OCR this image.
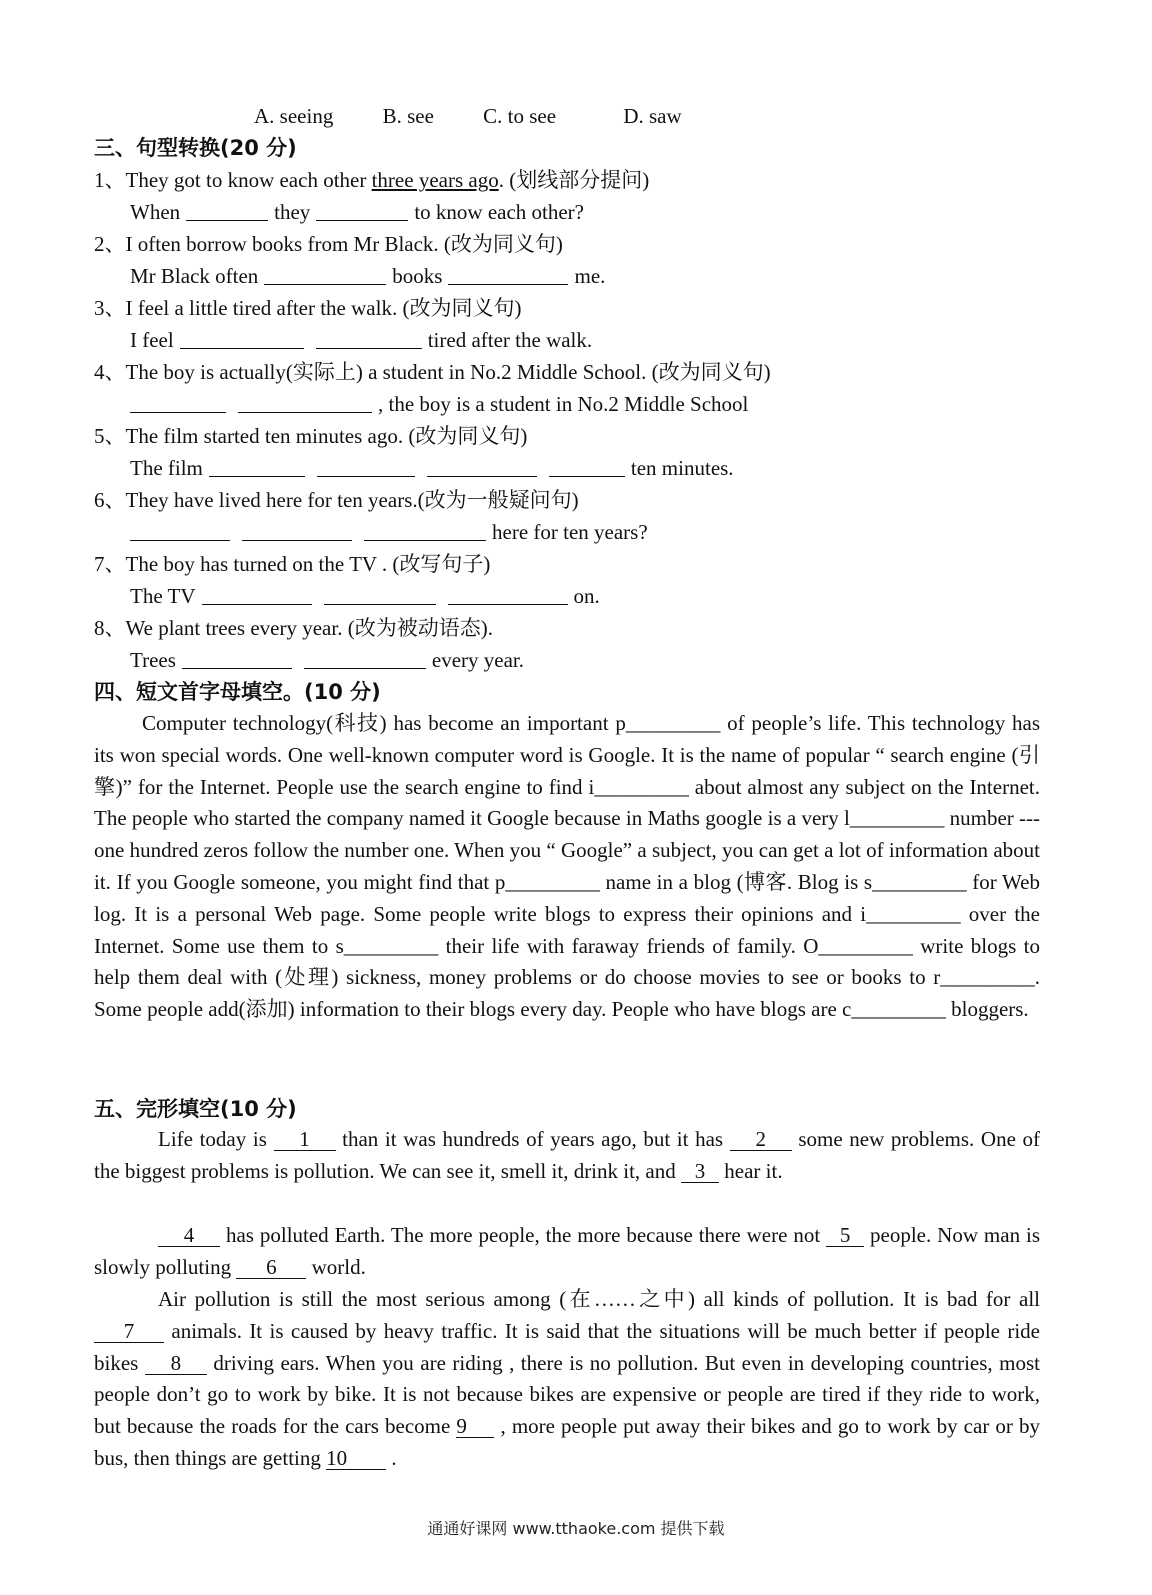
A. seeing B. see C. to see	D. saw
三、句型转换(20 分)
1、They got to know each other three years ago. (划线部分提问)
When	they	to know each other?
2、I often borrow books from Mr Black. (改为同义句)
Mr Black often	books	me.
3、I feel a little tired after the walk. (改为同义句)
I feel	tired after the walk.
4、The boy is actually(实际上) a student in No.2 Middle School. (改为同义句)
, the boy is a student in No.2 Middle School
5、The film started ten minutes ago. (改为同义句)
The film	ten minutes.
6、They have lived here for ten years.(改为一般疑问句)
here for ten years?
7、The boy has turned on the TV . (改写句子)
The TV	on.
8、We plant trees every year. (改为被动语态).
Trees	every year.
四、短文首字母填空。(10 分)
Computer technology(科技) has become an important p_________ of people’s life. This technology has its won special words. One well-known computer word is Google. It is the name of popular “ search engine (引擎)” for the Internet. People use the search engine to find i_________ about almost any subject on the Internet. The people who started the company named it Google because in Maths google is a very l_________ number ---one hundred zeros follow the number one. When you “ Google” a subject, you can get a lot of information about it. If you Google someone, you might find that p_________ name in a blog (博客. Blog is s_________ for Web log. It is a personal Web page. Some people write blogs to express their opinions and i_________ over the Internet. Some use them to s_________ their life with faraway friends of family. O_________ write blogs to help them deal with (处理) sickness, money problems or do choose movies to see or books to r_________. Some people add(添加) information to their blogs every day. People who have blogs are c_________ bloggers.
五、完形填空(10 分)
Life today is 1 than it was hundreds of years ago, but it has 2 some new problems. One of the biggest problems is pollution. We can see it, smell it, drink it, and 3 hear it.
4 has polluted Earth. The more people, the more because there were not 5 people. Now man is slowly polluting 6 world.
Air pollution is still the most serious among (在……之中) all kinds of pollution. It is bad for all 7 animals. It is caused by heavy traffic. It is said that the situations will be much better if people ride bikes 8 driving ears. When you are riding , there is no pollution. But even in developing countries, most people don’t go to work by bike. It is not because bikes are expensive or people are tired if they ride to work, but because the roads for the cars become 9 , more people put away their bikes and go to work by car or by bus, then things are getting 10 .
通通好课网 www.tthaoke.com 提供下载
